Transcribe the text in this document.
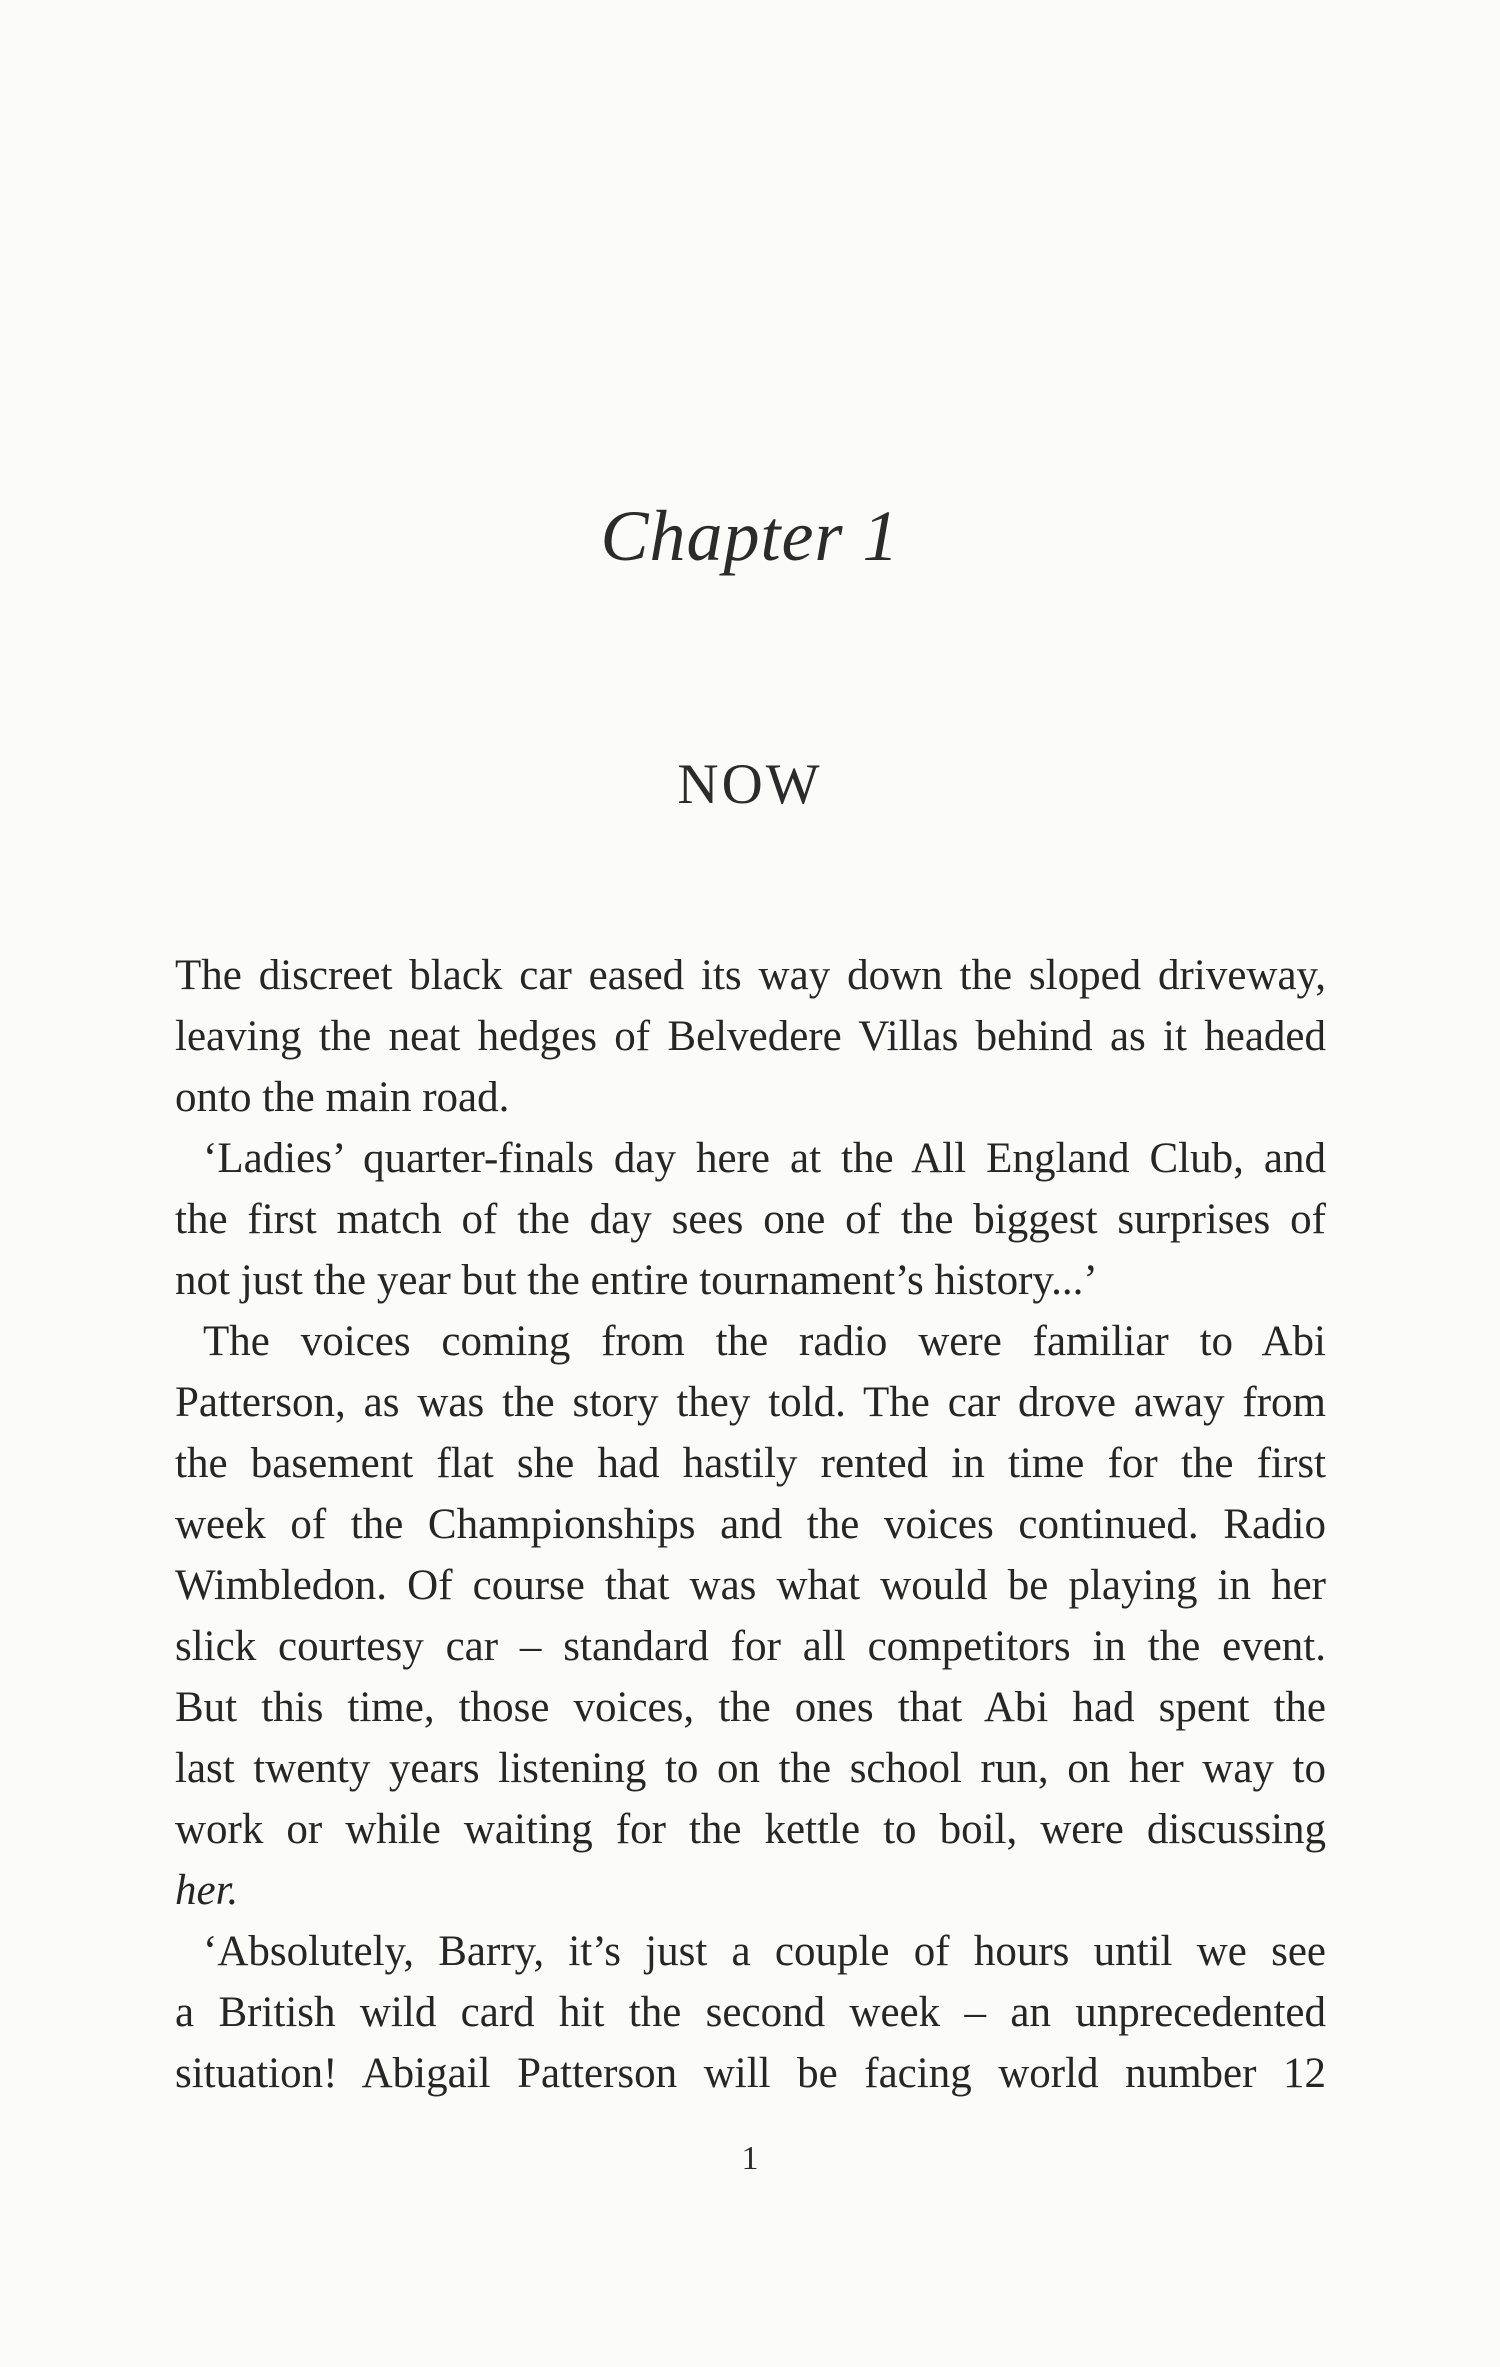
Chapter 1
NOW

The discreet black car eased its way down the sloped driveway,
leaving the neat hedges of Belvedere Villas behind as it headed
onto the main road.

‘Ladies’ quarter-finals day here at the All England Club, and
the first match of the day sees one of the biggest surprises of
not just the year but the entire tournament’s history...’

The voices coming from the radio were familiar to Abi
Patterson, as was the story they told. The car drove away from
the basement flat she had hastily rented in time for the first
week of the Championships and the voices continued. Radio
Wimbledon. Of course that was what would be playing in her
slick courtesy car – standard for all competitors in the event.
But this time, those voices, the ones that Abi had spent the
last twenty years listening to on the school run, on her way to
work or while waiting for the kettle to boil, were discussing
her.

‘Absolutely, Barry, it’s just a couple of hours until we see
a British wild card hit the second week – an unprecedented
situation! Abigail Patterson will be facing world number 12

1
